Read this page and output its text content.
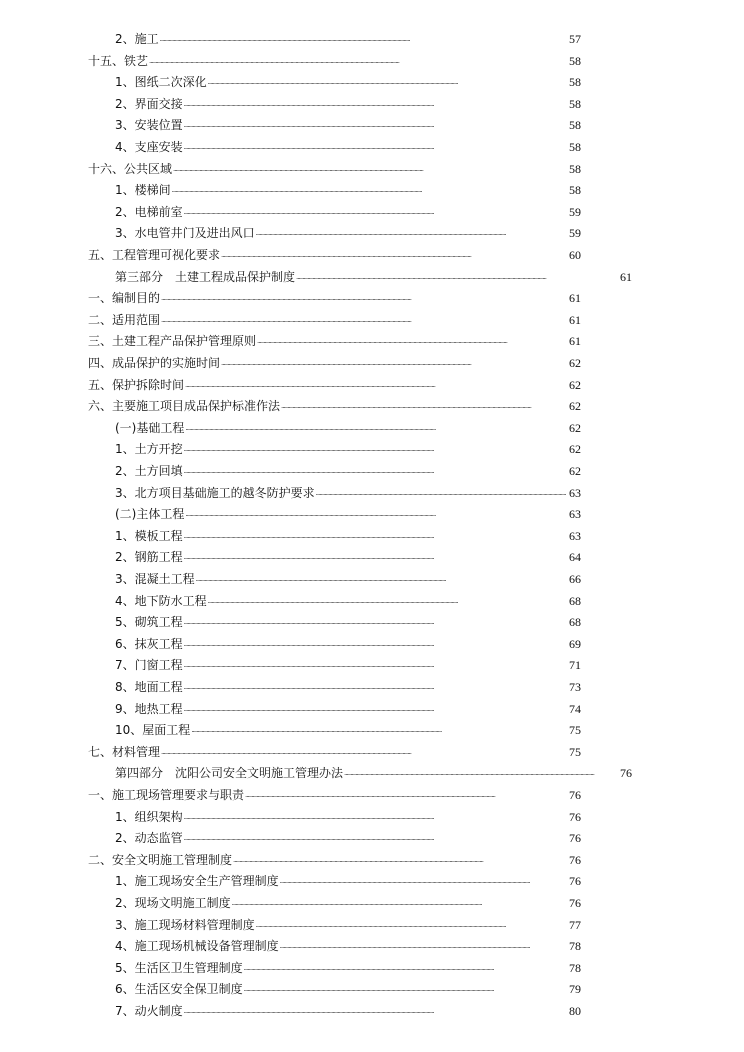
2、施工 . . .	57
十五、铁艺 . . .	58
1、图纸二次深化 . . .	58
2、界面交接 . . .	58
3、安装位置 . . .	58
4、支座安装 . . .	58
十六、公共区域 . . .	58
1、楼梯间 . . .	58
2、电梯前室 . . .	59
3、水电管井门及进出风口 . . .	59
五、工程管理可视化要求 . . .	60
第三部分　土建工程成品保护制度 . . .	61
一、编制目的 . . .	61
二、适用范围 . . .	61
三、土建工程产品保护管理原则 . . .	61
四、成品保护的实施时间 . . .	62
五、保护拆除时间 . . .	62
六、主要施工项目成品保护标准作法 . . .	62
(一)基础工程 . . .	62
1、土方开挖 . . .	62
2、土方回填 . . .	62
3、北方项目基础施工的越冬防护要求 . . .	63
(二)主体工程 . . .	63
1、模板工程 . . .	63
2、钢筋工程 . . .	64
3、混凝土工程 . . .	66
4、地下防水工程 . . .	68
5、砌筑工程 . . .	68
6、抹灰工程 . . .	69
7、门窗工程 . . .	71
8、地面工程 . . .	73
9、地热工程 . . .	74
10、屋面工程 . . .	75
七、材料管理 . . .	75
第四部分　沈阳公司安全文明施工管理办法 . . .	76
一、施工现场管理要求与职责 . . .	76
1、组织架构 . . .	76
2、动态监管 . . .	76
二、安全文明施工管理制度 . . .	76
1、施工现场安全生产管理制度 . . .	76
2、现场文明施工制度 . . .	76
3、施工现场材料管理制度 . . .	77
4、施工现场机械设备管理制度 . . .	78
5、生活区卫生管理制度 . . .	78
6、生活区安全保卫制度 . . .	79
7、动火制度 . . .	80
